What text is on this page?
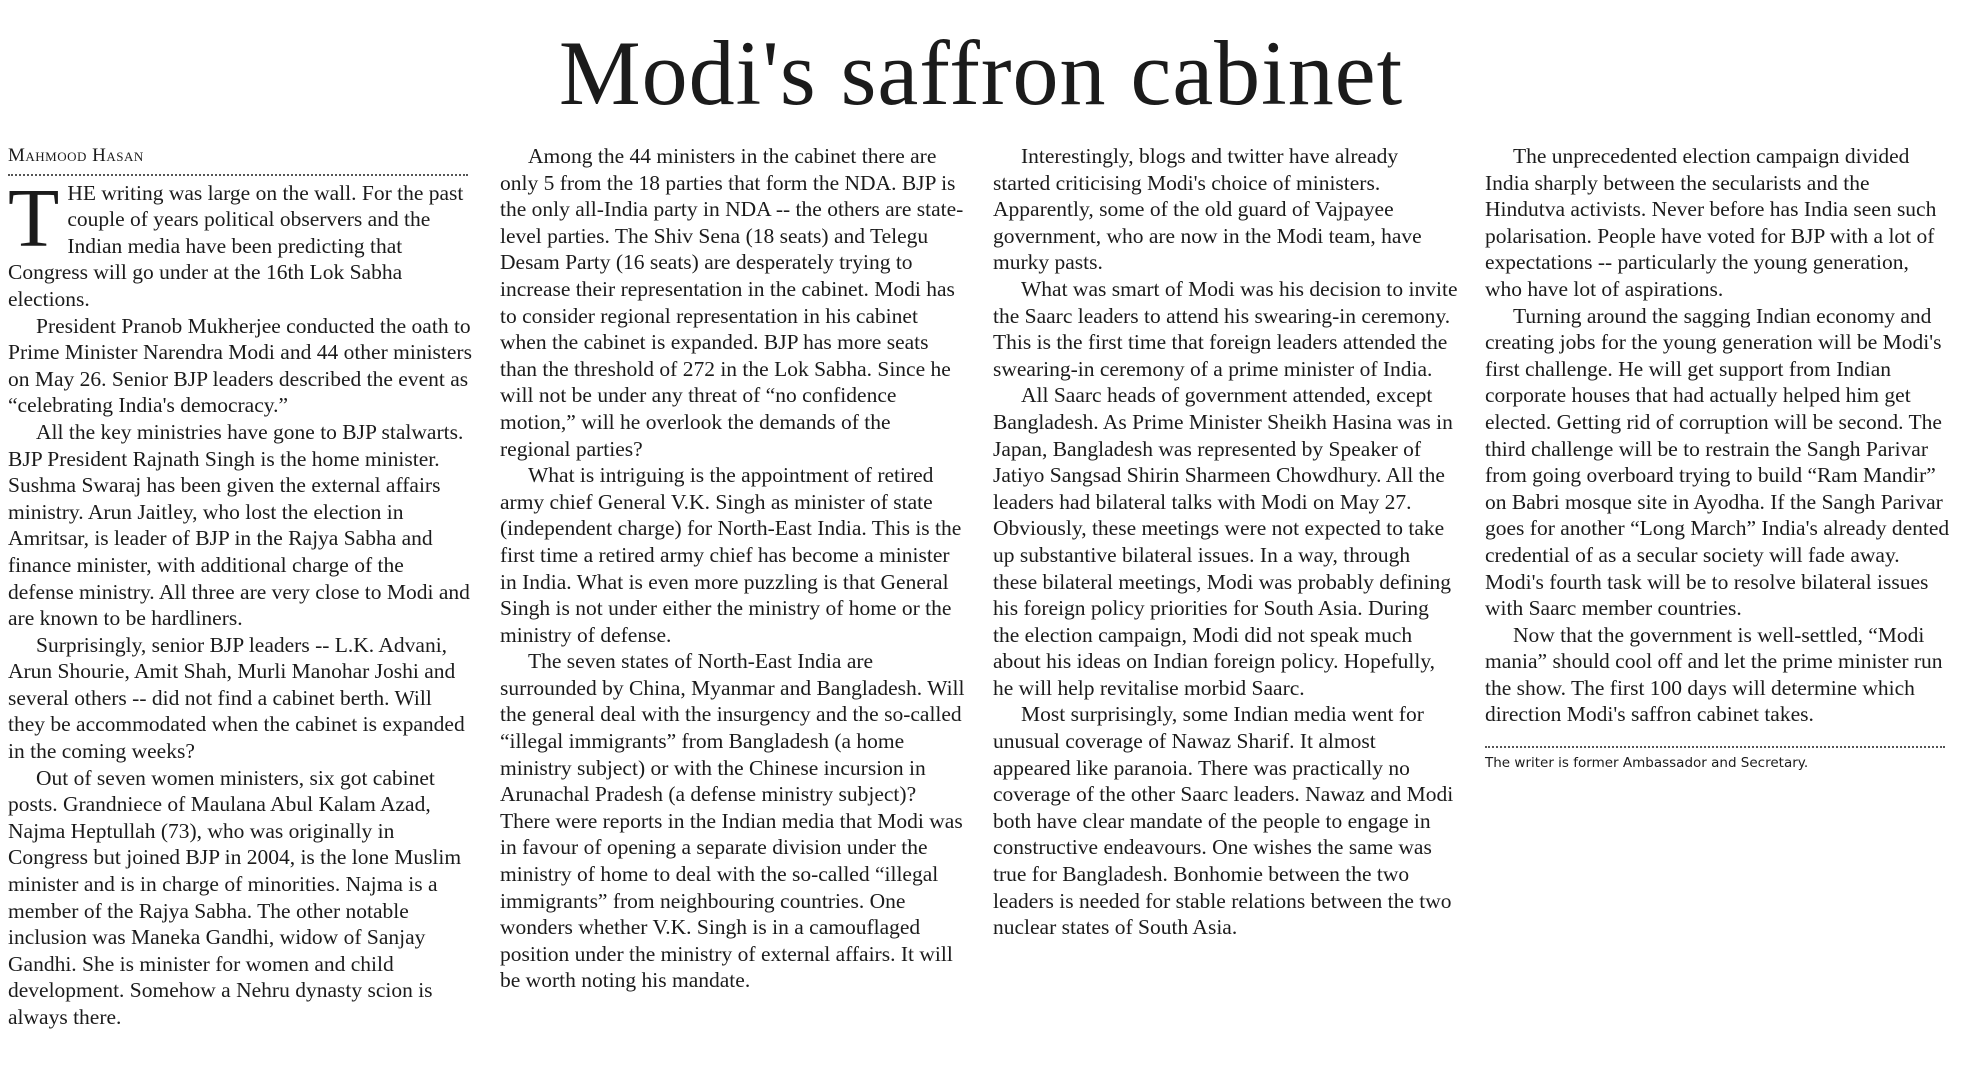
Modi's saffron cabinet
Mahmood Hasan

THE writing was large on the wall. For the past couple of years political observers and the Indian media have been predicting that Congress will go under at the 16th Lok Sabha elections.

President Pranob Mukherjee conducted the oath to Prime Minister Narendra Modi and 44 other ministers on May 26. Senior BJP leaders described the event as “celebrating India's democracy.”

All the key ministries have gone to BJP stalwarts. BJP President Rajnath Singh is the home minister. Sushma Swaraj has been given the external affairs ministry. Arun Jaitley, who lost the election in Amritsar, is leader of BJP in the Rajya Sabha and finance minister, with additional charge of the defense ministry. All three are very close to Modi and are known to be hardliners.

Surprisingly, senior BJP leaders -- L.K. Advani, Arun Shourie, Amit Shah, Murli Manohar Joshi and several others -- did not find a cabinet berth. Will they be accommodated when the cabinet is expanded in the coming weeks?

Out of seven women ministers, six got cabinet posts. Grandniece of Maulana Abul Kalam Azad, Najma Heptullah (73), who was originally in Congress but joined BJP in 2004, is the lone Muslim minister and is in charge of minorities. Najma is a member of the Rajya Sabha. The other notable inclusion was Maneka Gandhi, widow of Sanjay Gandhi. She is minister for women and child development. Somehow a Nehru dynasty scion is always there.

Among the 44 ministers in the cabinet there are only 5 from the 18 parties that form the NDA. BJP is the only all-India party in NDA -- the others are state-level parties. The Shiv Sena (18 seats) and Telegu Desam Party (16 seats) are desperately trying to increase their representation in the cabinet. Modi has to consider regional representation in his cabinet when the cabinet is expanded. BJP has more seats than the threshold of 272 in the Lok Sabha. Since he will not be under any threat of “no confidence motion,” will he overlook the demands of the regional parties?

What is intriguing is the appointment of retired army chief General V.K. Singh as minister of state (independent charge) for North-East India. This is the first time a retired army chief has become a minister in India. What is even more puzzling is that General Singh is not under either the ministry of home or the ministry of defense.

The seven states of North-East India are surrounded by China, Myanmar and Bangladesh. Will the general deal with the insurgency and the so-called “illegal immigrants” from Bangladesh (a home ministry subject) or with the Chinese incursion in Arunachal Pradesh (a defense ministry subject)? There were reports in the Indian media that Modi was in favour of opening a separate division under the ministry of home to deal with the so-called “illegal immigrants” from neighbouring countries. One wonders whether V.K. Singh is in a camouflaged position under the ministry of external affairs. It will be worth noting his mandate.

Interestingly, blogs and twitter have already started criticising Modi's choice of ministers. Apparently, some of the old guard of Vajpayee government, who are now in the Modi team, have murky pasts.

What was smart of Modi was his decision to invite the Saarc leaders to attend his swearing-in ceremony. This is the first time that foreign leaders attended the swearing-in ceremony of a prime minister of India.

All Saarc heads of government attended, except Bangladesh. As Prime Minister Sheikh Hasina was in Japan, Bangladesh was represented by Speaker of Jatiyo Sangsad Shirin Sharmeen Chowdhury. All the leaders had bilateral talks with Modi on May 27. Obviously, these meetings were not expected to take up substantive bilateral issues. In a way, through these bilateral meetings, Modi was probably defining his foreign policy priorities for South Asia. During the election campaign, Modi did not speak much about his ideas on Indian foreign policy. Hopefully, he will help revitalise morbid Saarc.

Most surprisingly, some Indian media went for unusual coverage of Nawaz Sharif. It almost appeared like paranoia. There was practically no coverage of the other Saarc leaders. Nawaz and Modi both have clear mandate of the people to engage in constructive endeavours. One wishes the same was true for Bangladesh. Bonhomie between the two leaders is needed for stable relations between the two nuclear states of South Asia.

The unprecedented election campaign divided India sharply between the secularists and the Hindutva activists. Never before has India seen such polarisation. People have voted for BJP with a lot of expectations -- particularly the young generation, who have lot of aspirations.

Turning around the sagging Indian economy and creating jobs for the young generation will be Modi's first challenge. He will get support from Indian corporate houses that had actually helped him get elected. Getting rid of corruption will be second. The third challenge will be to restrain the Sangh Parivar from going overboard trying to build “Ram Mandir” on Babri mosque site in Ayodha. If the Sangh Parivar goes for another “Long March” India's already dented credential of as a secular society will fade away. Modi's fourth task will be to resolve bilateral issues with Saarc member countries.

Now that the government is well-settled, “Modi mania” should cool off and let the prime minister run the show. The first 100 days will determine which direction Modi's saffron cabinet takes.

The writer is former Ambassador and Secretary.
